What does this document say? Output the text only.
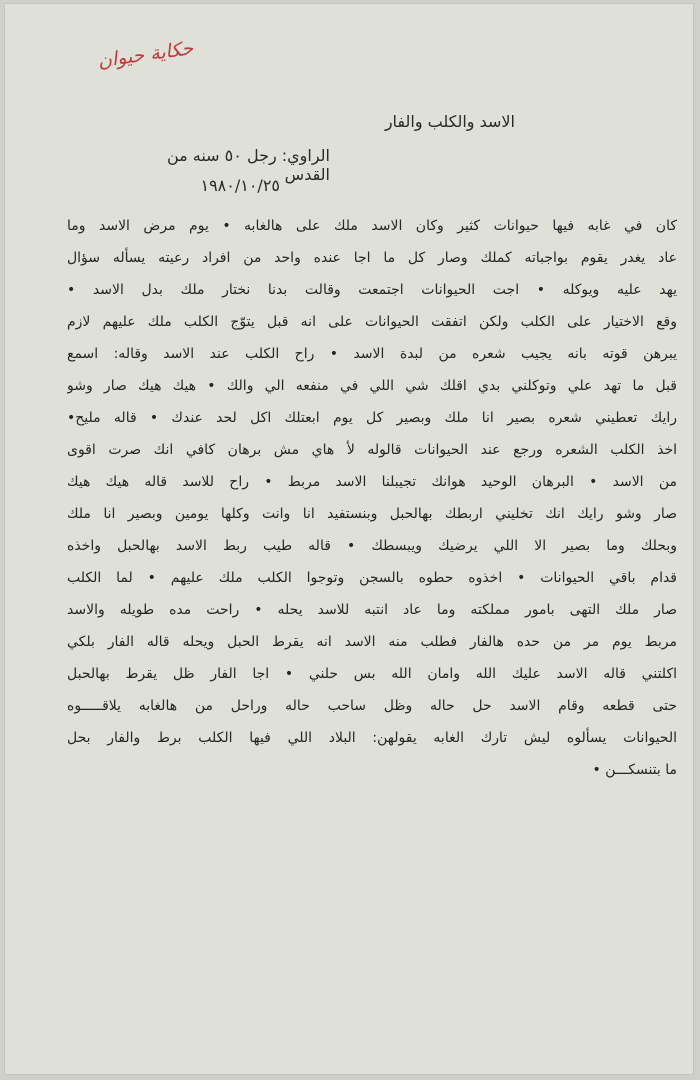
حكاية حيوان
الاسد والكلب والفار
الراوي: رجل ٥٠ سنه من القدس
١٩٨٠/١٠/٢٥
كان في غابه فيها حيوانات كثير وكان الاسد ملك على هالغابه • يوم مرض الاسد وما
عاد يغدر يقوم بواجباته كملك وصار كل ما اجا عنده واحد من افراد رعيته يسأله سؤال
يهد عليه ويوكله • اجت الحيوانات اجتمعت وقالت بدنا نختار ملك بدل الاسد •
وقع الاختيار على الكلب ولكن اتفقت الحيوانات على انه قبل يتوّج الكلب ملك عليهم لازم
يبرهن قوته بانه يجيب شعره من لبدة الاسد • راح الكلب عند الاسد وقاله: اسمع
قبل ما تهد علي وتوكلني بدي اقلك شي اللي في منفعه الي والك • هيك هيك صار وشو
رايك تعطيني شعره بصير انا ملك وبصير كل يوم ابعتلك اكل لحد عندك • قاله مليح•
اخذ الكلب الشعره ورجع عند الحيوانات قالوله لأ هاي مش برهان كافي انك صرت اقوى
من الاسد • البرهان الوحيد هوانك تجيبلنا الاسد مربط • راح للاسد قاله هيك هيك
صار وشو رايك انك تخليني اربطك بهالحبل وبنستفيد انا وانت وكلها يومين وبصير انا ملك
وبحلك وما بصير الا اللي يرضيك ويبسطك • قاله طيب ربط الاسد بهالحبل واخذه
قدام باقي الحيوانات • اخذوه حطوه بالسجن وتوجوا الكلب ملك عليهم • لما الكلب
صار ملك التهى بامور مملكته وما عاد انتبه للاسد يحله • راحت مده طويله والاسد
مربط يوم مر من حده هالفار فطلب منه الاسد انه يقرط الحبل ويحله قاله الفار بلكي
اكلتني قاله الاسد عليك الله وامان الله بس حلني • اجا الفار ظل يقرط بهالحبل
حتى قطعه وقام الاسد حل حاله وظل ساحب حاله وراحل من هالغابه يلاقـــــوه
الحيوانات يسألوه ليش تارك الغابه يقولهن: البلاد اللي فيها الكلب برط والفار بحل
ما بتنسكـــن •
